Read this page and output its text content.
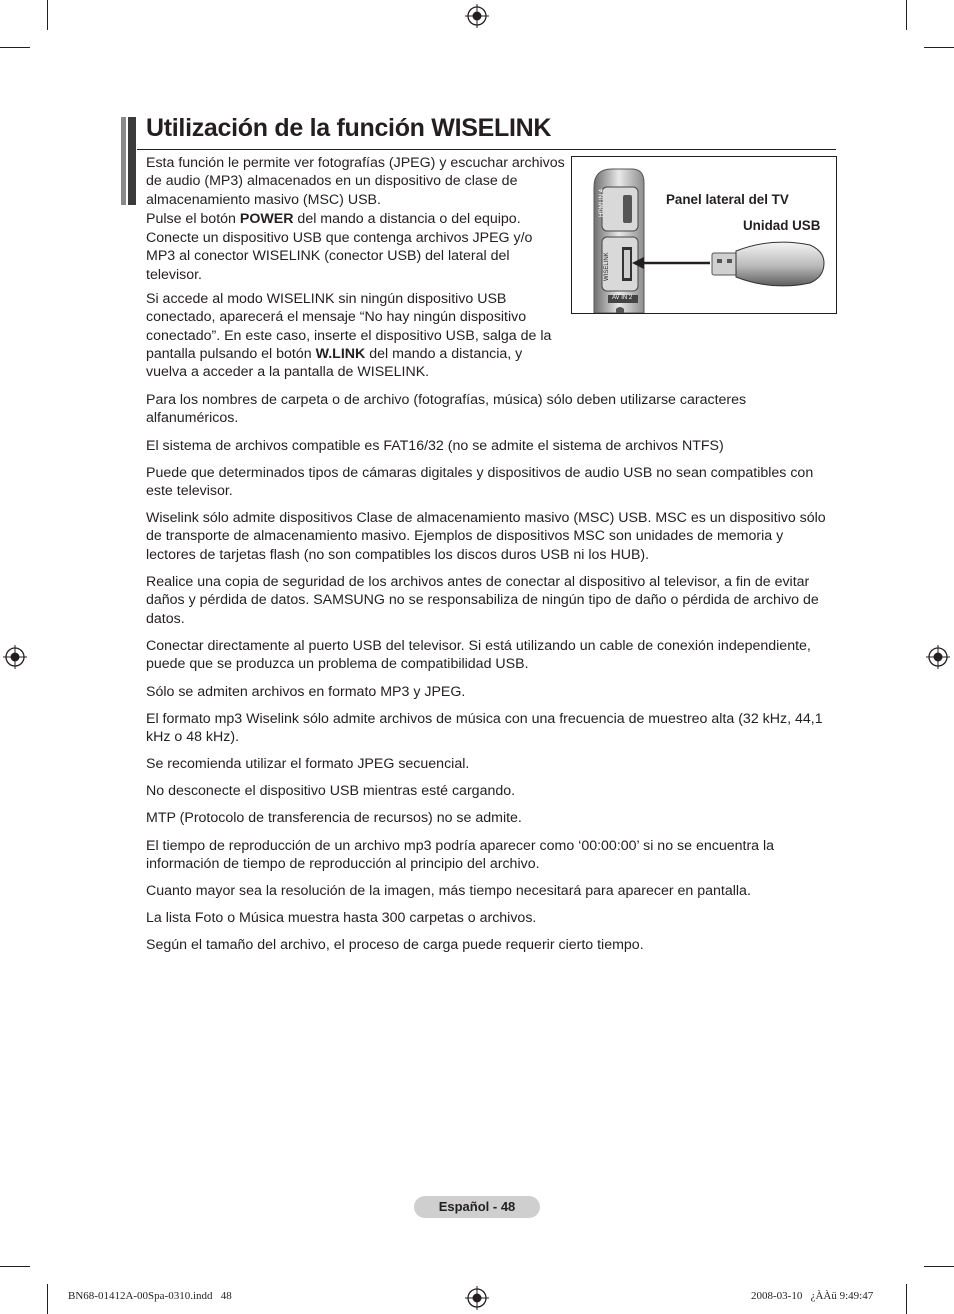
Utilización de la función WISELINK
Esta función le permite ver fotografías (JPEG) y escuchar archivos de audio (MP3) almacenados en un dispositivo de clase de almacenamiento masivo (MSC) USB.
Pulse el botón POWER del mando a distancia o del equipo.
Conecte un dispositivo USB que contenga archivos JPEG y/o MP3 al conector WISELINK (conector USB) del lateral del televisor.
Si accede al modo WISELINK sin ningún dispositivo USB conectado, aparecerá el mensaje “No hay ningún dispositivo conectado”. En este caso, inserte el dispositivo USB, salga de la pantalla pulsando el botón W.LINK del mando a distancia, y vuelva a acceder a la pantalla de WISELINK.
HDMI IN 4
WISELINK
AV IN 2
Panel lateral del TV
Unidad USB
Para los nombres de carpeta o de archivo (fotografías, música) sólo deben utilizarse caracteres alfanuméricos.
El sistema de archivos compatible es FAT16/32 (no se admite el sistema de archivos NTFS)
Puede que determinados tipos de cámaras digitales y dispositivos de audio USB no sean compatibles con este televisor.
Wiselink sólo admite dispositivos Clase de almacenamiento masivo (MSC) USB. MSC es un dispositivo sólo de transporte de almacenamiento masivo. Ejemplos de dispositivos MSC son unidades de memoria y lectores de tarjetas flash (no son compatibles los discos duros USB ni los HUB).
Realice una copia de seguridad de los archivos antes de conectar al dispositivo al televisor, a fin de evitar daños y pérdida de datos. SAMSUNG no se responsabiliza de ningún tipo de daño o pérdida de archivo de datos.
Conectar directamente al puerto USB del televisor. Si está utilizando un cable de conexión independiente, puede que se produzca un problema de compatibilidad USB.
Sólo se admiten archivos en formato MP3 y JPEG.
El formato mp3 Wiselink sólo admite archivos de música con una frecuencia de muestreo alta (32 kHz, 44,1 kHz o 48 kHz).
Se recomienda utilizar el formato JPEG secuencial.
No desconecte el dispositivo USB mientras esté cargando.
MTP (Protocolo de transferencia de recursos) no se admite.
El tiempo de reproducción de un archivo mp3 podría aparecer como ‘00:00:00’ si no se encuentra la información de tiempo de reproducción al principio del archivo.
Cuanto mayor sea la resolución de la imagen, más tiempo necesitará para aparecer en pantalla.
La lista Foto o Música muestra hasta 300 carpetas o archivos.
Según el tamaño del archivo, el proceso de carga puede requerir cierto tiempo.
Español - 48
BN68-01412A-00Spa-0310.indd   48	2008-03-10   ¿ÀÀü 9:49:47
